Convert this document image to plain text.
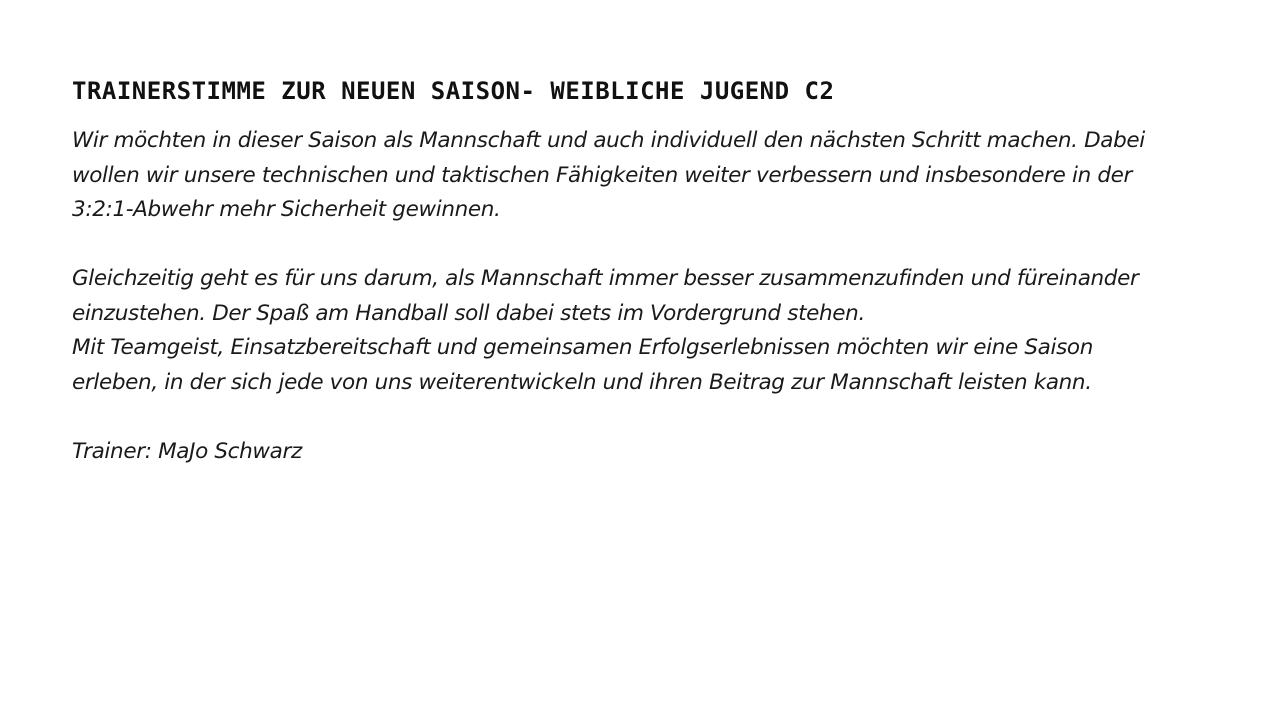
TRAINERSTIMME ZUR NEUEN SAISON- WEIBLICHE JUGEND C2
Wir möchten in dieser Saison als Mannschaft und auch individuell den nächsten Schritt machen. Dabei
wollen wir unsere technischen und taktischen Fähigkeiten weiter verbessern und insbesondere in der
3:2:1-Abwehr mehr Sicherheit gewinnen.
Gleichzeitig geht es für uns darum, als Mannschaft immer besser zusammenzufinden und füreinander
einzustehen. Der Spaß am Handball soll dabei stets im Vordergrund stehen.
Mit Teamgeist, Einsatzbereitschaft und gemeinsamen Erfolgserlebnissen möchten wir eine Saison
erleben, in der sich jede von uns weiterentwickeln und ihren Beitrag zur Mannschaft leisten kann.
Trainer: MaJo Schwarz
